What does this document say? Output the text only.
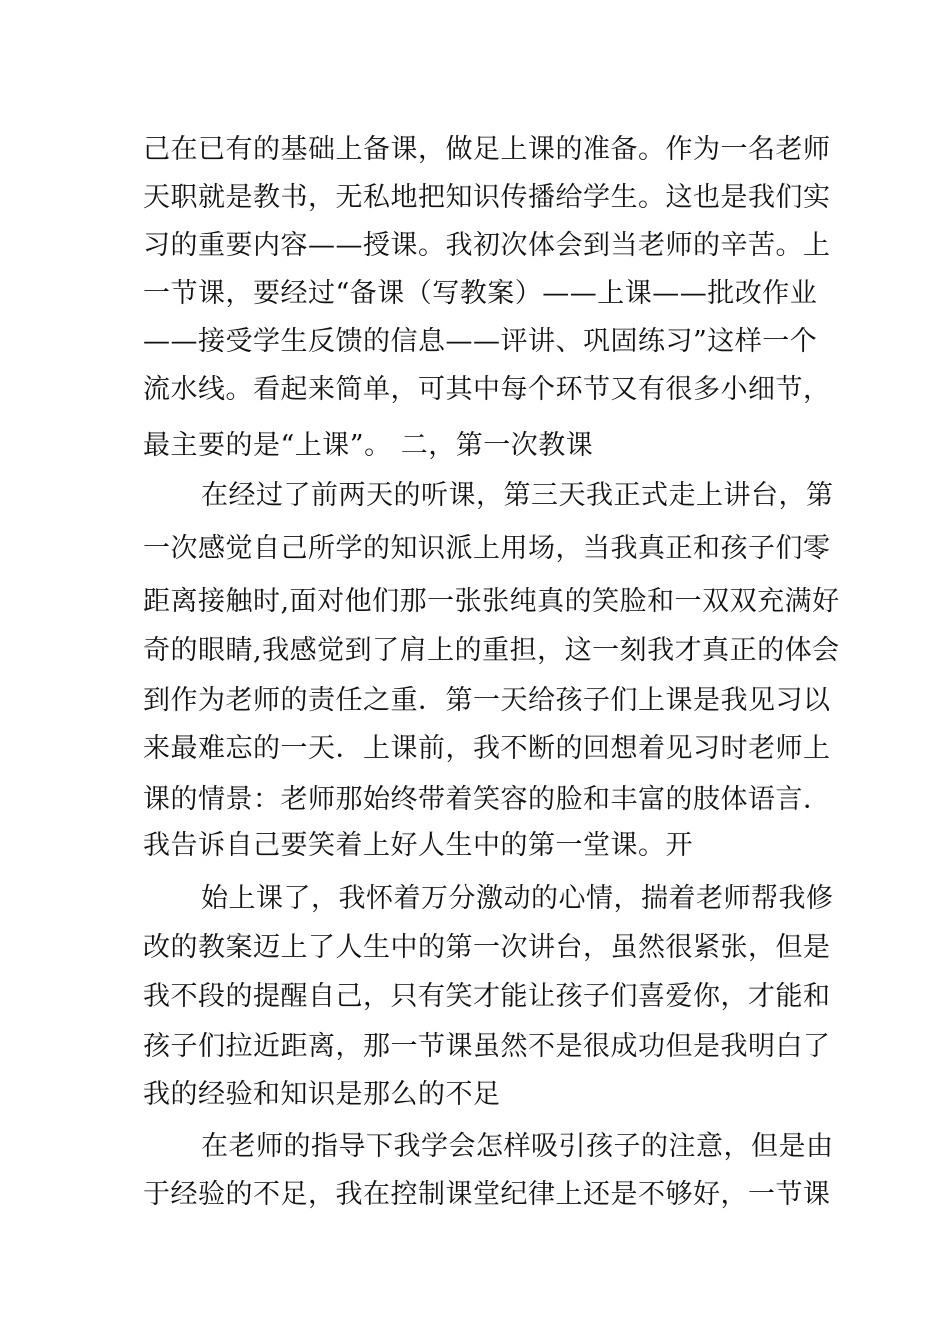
己在已有的基础上备课，做足上课的准备。作为一名老师
天职就是教书，无私地把知识传播给学生。这也是我们实
习的重要内容——授课。我初次体会到当老师的辛苦。上
一节课，要经过“备课（写教案）——上课——批改作业
——接受学生反馈的信息——评讲、巩固练习”这样一个
流水线。看起来简单，可其中每个环节又有很多小细节，
最主要的是“上课”。 二，第一次教课
在经过了前两天的听课，第三天我正式走上讲台，第
一次感觉自己所学的知识派上用场，当我真正和孩子们零
距离接触时,面对他们那一张张纯真的笑脸和一双双充满好
奇的眼睛,我感觉到了肩上的重担，这一刻我才真正的体会
到作为老师的责任之重．第一天给孩子们上课是我见习以
来最难忘的一天．上课前，我不断的回想着见习时老师上
课的情景：老师那始终带着笑容的脸和丰富的肢体语言．
我告诉自己要笑着上好人生中的第一堂课。开
始上课了，我怀着万分激动的心情，揣着老师帮我修
改的教案迈上了人生中的第一次讲台，虽然很紧张，但是
我不段的提醒自己，只有笑才能让孩子们喜爱你，才能和
孩子们拉近距离，那一节课虽然不是很成功但是我明白了
我的经验和知识是那么的不足
在老师的指导下我学会怎样吸引孩子的注意，但是由
于经验的不足，我在控制课堂纪律上还是不够好，一节课
